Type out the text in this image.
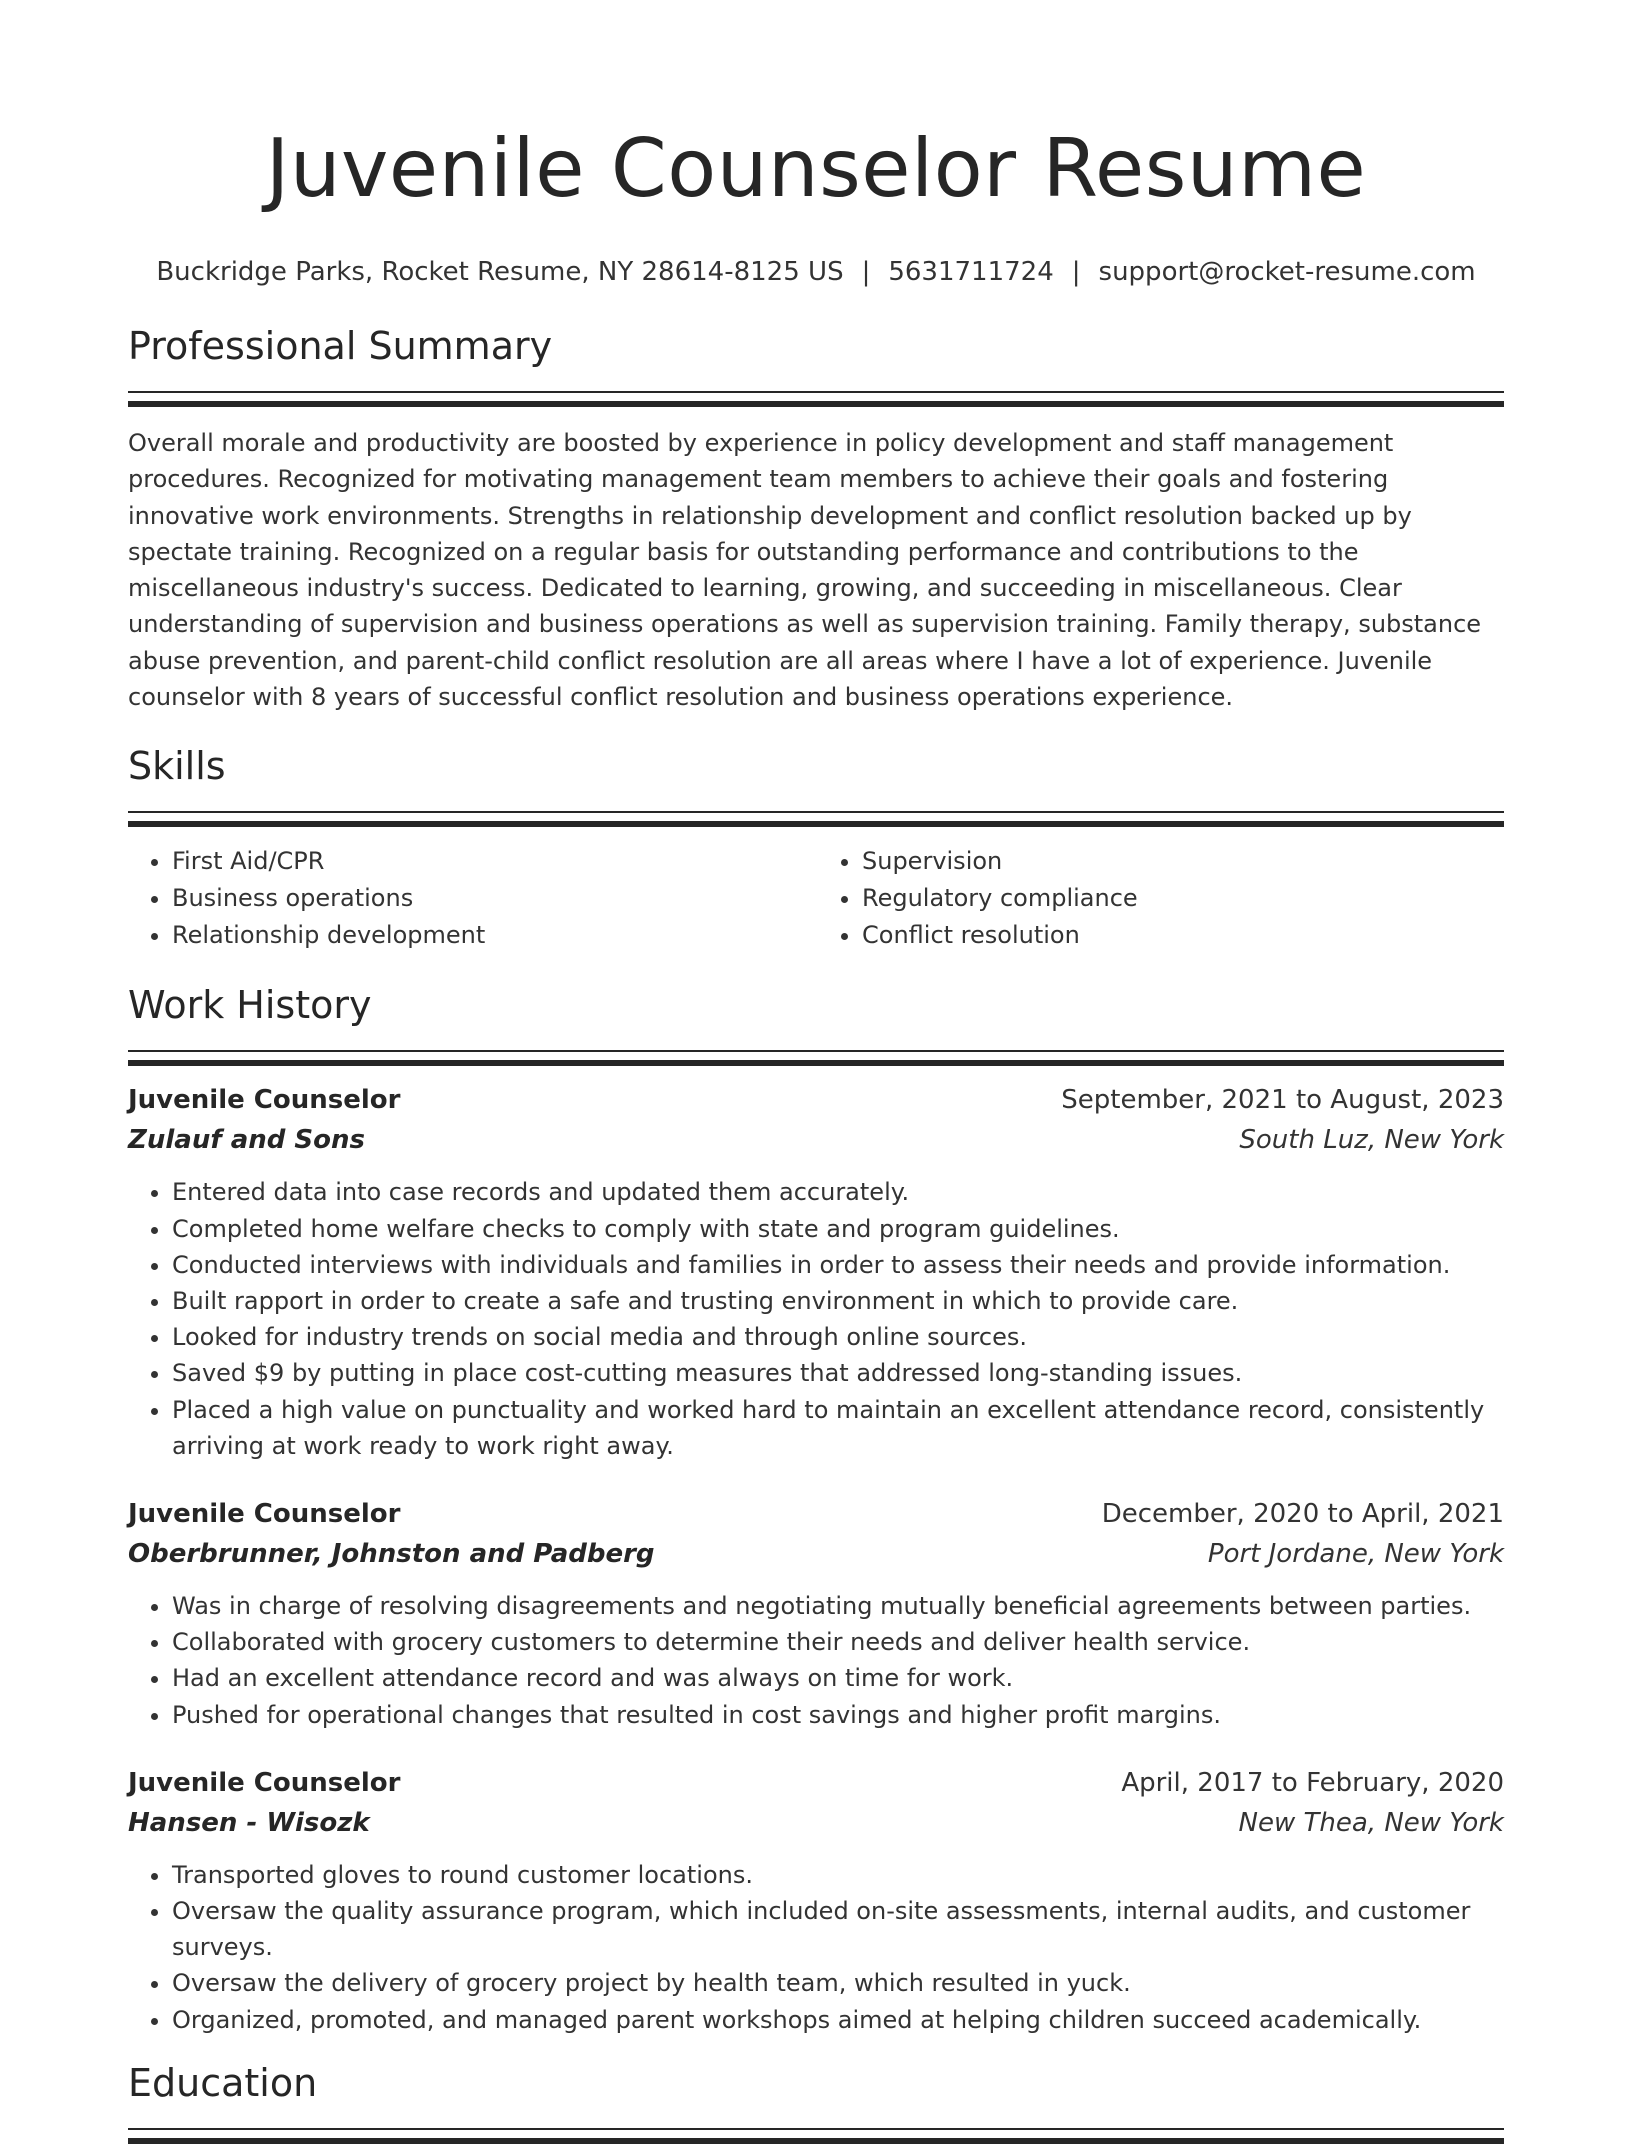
Juvenile Counselor Resume
Buckridge Parks, Rocket Resume, NY 28614-8125 US | 5631711724 | support@rocket-resume.com
Professional Summary
Overall morale and productivity are boosted by experience in policy development and staff management procedures. Recognized for motivating management team members to achieve their goals and fostering innovative work environments. Strengths in relationship development and conflict resolution backed up by spectate training. Recognized on a regular basis for outstanding performance and contributions to the miscellaneous industry's success. Dedicated to learning, growing, and succeeding in miscellaneous. Clear understanding of supervision and business operations as well as supervision training. Family therapy, substance abuse prevention, and parent-child conflict resolution are all areas where I have a lot of experience. Juvenile counselor with 8 years of successful conflict resolution and business operations experience.
Skills
• First Aid/CPR
• Business operations
• Relationship development
• Supervision
• Regulatory compliance
• Conflict resolution
Work History
Juvenile Counselor	September, 2021 to August, 2023
Zulauf and Sons	South Luz, New York
• Entered data into case records and updated them accurately.
• Completed home welfare checks to comply with state and program guidelines.
• Conducted interviews with individuals and families in order to assess their needs and provide information.
• Built rapport in order to create a safe and trusting environment in which to provide care.
• Looked for industry trends on social media and through online sources.
• Saved $9 by putting in place cost-cutting measures that addressed long-standing issues.
• Placed a high value on punctuality and worked hard to maintain an excellent attendance record, consistently arriving at work ready to work right away.
Juvenile Counselor	December, 2020 to April, 2021
Oberbrunner, Johnston and Padberg	Port Jordane, New York
• Was in charge of resolving disagreements and negotiating mutually beneficial agreements between parties.
• Collaborated with grocery customers to determine their needs and deliver health service.
• Had an excellent attendance record and was always on time for work.
• Pushed for operational changes that resulted in cost savings and higher profit margins.
Juvenile Counselor	April, 2017 to February, 2020
Hansen - Wisozk	New Thea, New York
• Transported gloves to round customer locations.
• Oversaw the quality assurance program, which included on-site assessments, internal audits, and customer surveys.
• Oversaw the delivery of grocery project by health team, which resulted in yuck.
• Organized, promoted, and managed parent workshops aimed at helping children succeed academically.
Education
